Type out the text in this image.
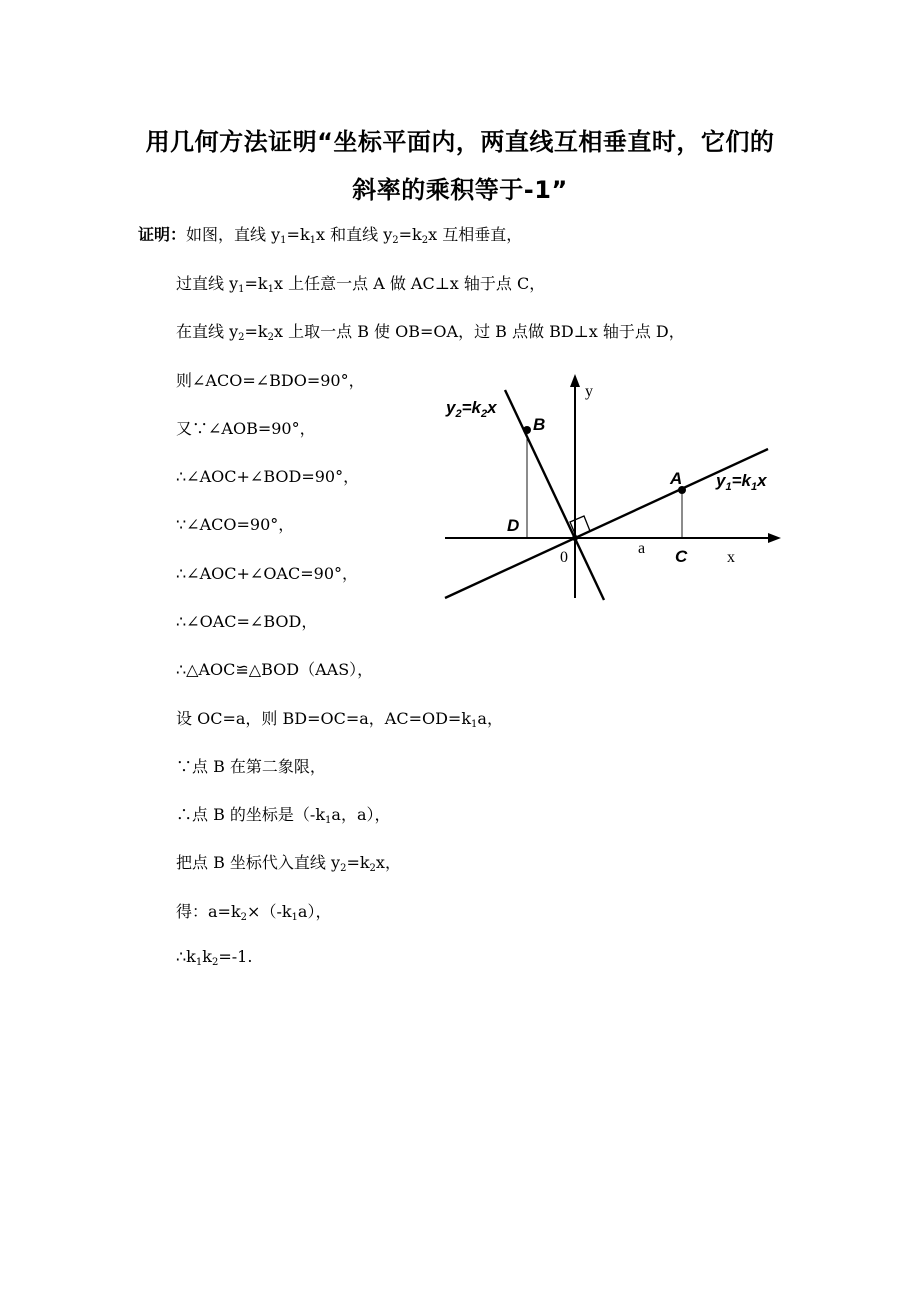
用几何方法证明“坐标平面内，两直线互相垂直时，它们的
斜率的乘积等于-1”
证明：如图，直线 $y_1=k_1x$ 和直线 $y_2=k_2x$ 互相垂直，
过直线 $y_1=k_1x$ 上任意一点 A 做 AC⊥x 轴于点 C，
在直线 $y_2=k_2x$ 上取一点 B 使 OB=OA，过 B 点做 BD⊥x 轴于点 D，
则∠ACO=∠BDO=90°，
又∵∠AOB=90°，
∴∠AOC+∠BOD=90°，
∵∠ACO=90°，
∴∠AOC+∠OAC=90°，
∴∠OAC=∠BOD，
∴△AOC≌△BOD（AAS），
设 OC=a，则 BD=OC=a，$AC=OD=k_1a$，
∵点 B 在第二象限，
∴点 B 的坐标是（$-k_1a$，a），
把点 B 坐标代入直线 $y_2=k_2x$，
得：$a=k_2\times(-k_1a)$，
$\therefore k_1k_2=-1$.
y
x
0
a
A
B
C
D
$y_1=k_1x$
$y_2=k_2x$
